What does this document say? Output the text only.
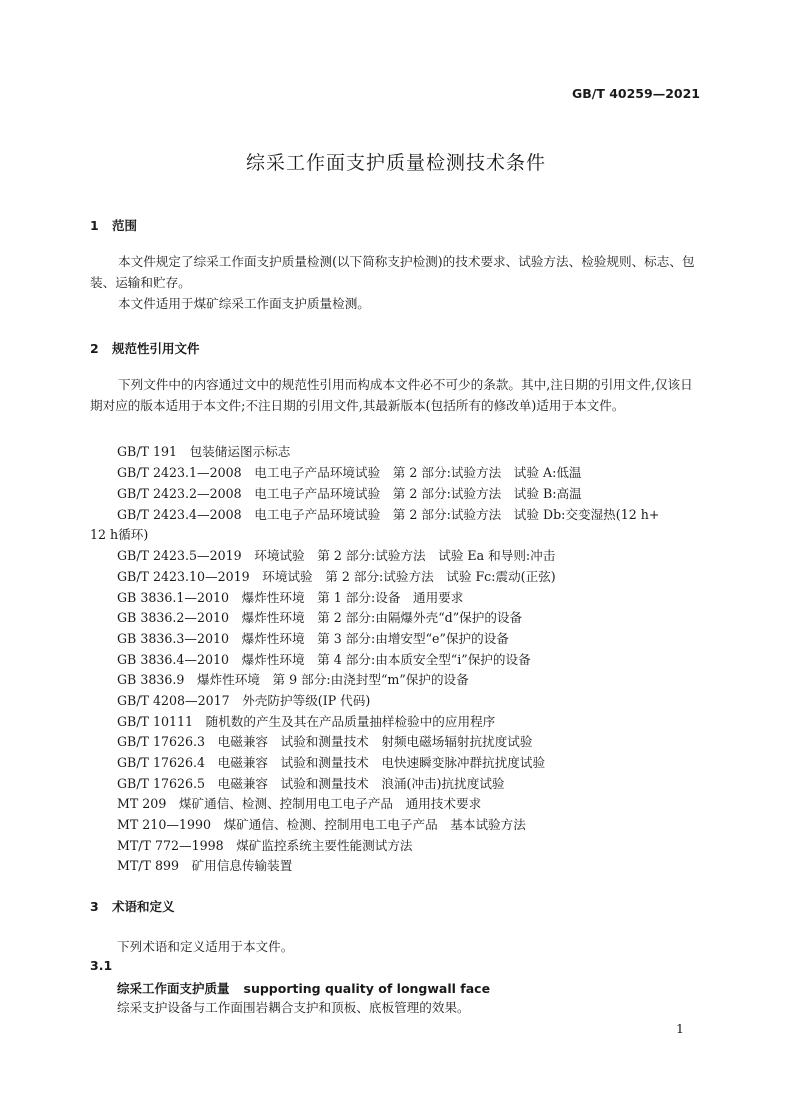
GB/T 40259—2021
综采工作面支护质量检测技术条件
1 范围

本文件规定了综采工作面支护质量检测(以下简称支护检测)的技术要求、试验方法、检验规则、标志、包装、运输和贮存。

本文件适用于煤矿综采工作面支护质量检测。

2 规范性引用文件

下列文件中的内容通过文中的规范性引用而构成本文件必不可少的条款。其中,注日期的引用文件,仅该日期对应的版本适用于本文件;不注日期的引用文件,其最新版本(包括所有的修改单)适用于本文件。

GB/T 191　包装储运图示标志
GB/T 2423.1—2008　电工电子产品环境试验　第 2 部分:试验方法　试验 A:低温
GB/T 2423.2—2008　电工电子产品环境试验　第 2 部分:试验方法　试验 B:高温
GB/T 2423.4—2008　电工电子产品环境试验　第 2 部分:试验方法　试验 Db:交变湿热(12 h+
12 h循环)
GB/T 2423.5—2019　环境试验　第 2 部分:试验方法　试验 Ea 和导则:冲击
GB/T 2423.10—2019　环境试验　第 2 部分:试验方法　试验 Fc:震动(正弦)
GB 3836.1—2010　爆炸性环境　第 1 部分:设备　通用要求
GB 3836.2—2010　爆炸性环境　第 2 部分:由隔爆外壳“d”保护的设备
GB 3836.3—2010　爆炸性环境　第 3 部分:由增安型“e”保护的设备
GB 3836.4—2010　爆炸性环境　第 4 部分:由本质安全型“i”保护的设备
GB 3836.9　爆炸性环境　第 9 部分:由浇封型“m”保护的设备
GB/T 4208—2017　外壳防护等级(IP 代码)
GB/T 10111　随机数的产生及其在产品质量抽样检验中的应用程序
GB/T 17626.3　电磁兼容　试验和测量技术　射频电磁场辐射抗扰度试验
GB/T 17626.4　电磁兼容　试验和测量技术　电快速瞬变脉冲群抗扰度试验
GB/T 17626.5　电磁兼容　试验和测量技术　浪涌(冲击)抗扰度试验
MT 209　煤矿通信、检测、控制用电工电子产品　通用技术要求
MT 210—1990　煤矿通信、检测、控制用电工电子产品　基本试验方法
MT/T 772—1998　煤矿监控系统主要性能测试方法
MT/T 899　矿用信息传输装置
3 术语和定义
下列术语和定义适用于本文件。
3.1
综采工作面支护质量 supporting quality of longwall face
综采支护设备与工作面围岩耦合支护和顶板、底板管理的效果。
1
